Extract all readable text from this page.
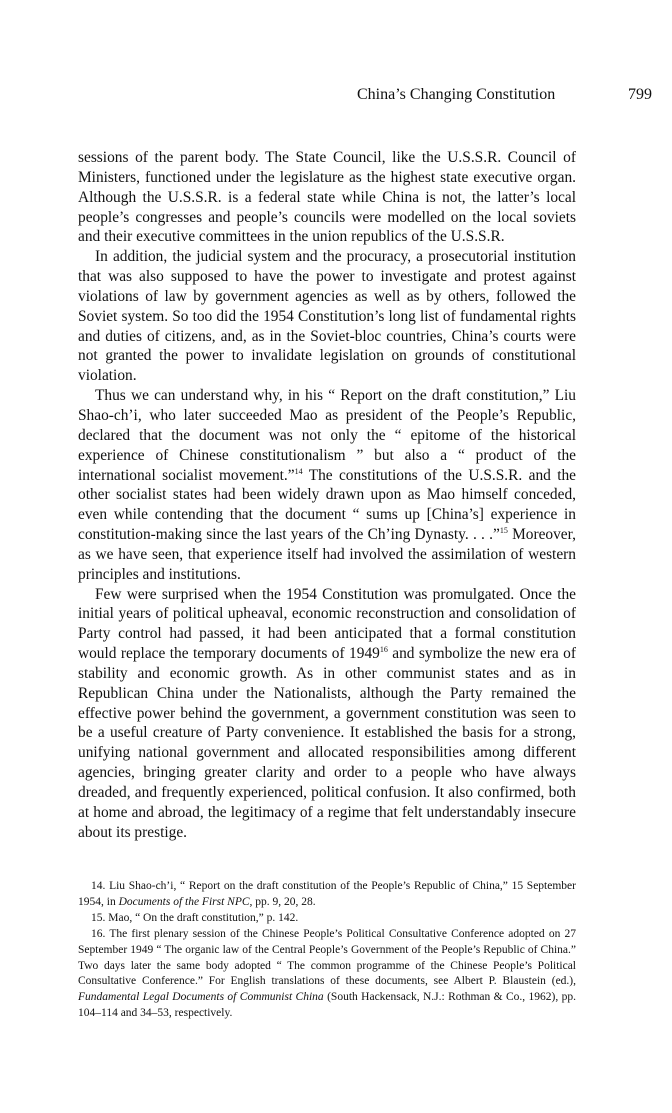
China’s Changing Constitution	799

sessions of the parent body. The State Council, like the U.S.S.R. Council of Ministers, functioned under the legislature as the highest state executive organ. Although the U.S.S.R. is a federal state while China is not, the latter’s local people’s congresses and people’s councils were modelled on the local soviets and their executive committees in the union republics of the U.S.S.R.

In addition, the judicial system and the procuracy, a prosecutorial institution that was also supposed to have the power to investigate and protest against violations of law by government agencies as well as by others, followed the Soviet system. So too did the 1954 Constitution’s long list of fundamental rights and duties of citizens, and, as in the Soviet-bloc countries, China’s courts were not granted the power to invalidate legislation on grounds of constitutional violation.

Thus we can understand why, in his “ Report on the draft constitution,” Liu Shao-ch’i, who later succeeded Mao as president of the People’s Republic, declared that the document was not only the “ epitome of the historical experience of Chinese constitutionalism ” but also a “ product of the international socialist movement.”$^{14}$ The constitutions of the U.S.S.R. and the other socialist states had been widely drawn upon as Mao himself conceded, even while contending that the document “ sums up [China’s] experience in constitution-making since the last years of the Ch’ing Dynasty. . . .”$^{15}$ Moreover, as we have seen, that experience itself had involved the assimilation of western principles and institutions.

Few were surprised when the 1954 Constitution was promulgated. Once the initial years of political upheaval, economic reconstruction and consolidation of Party control had passed, it had been anticipated that a formal constitution would replace the temporary documents of 1949$^{16}$ and symbolize the new era of stability and economic growth. As in other communist states and as in Republican China under the Nationalists, although the Party remained the effective power behind the government, a government constitution was seen to be a useful creature of Party convenience. It established the basis for a strong, unifying national government and allocated responsibilities among different agencies, bringing greater clarity and order to a people who have always dreaded, and frequently experienced, political confusion. It also confirmed, both at home and abroad, the legitimacy of a regime that felt understandably insecure about its prestige.

14. Liu Shao-ch’i, “ Report on the draft constitution of the People’s Republic of China,” 15 September 1954, in Documents of the First NPC, pp. 9, 20, 28.

15. Mao, “ On the draft constitution,” p. 142.

16. The first plenary session of the Chinese People’s Political Consultative Conference adopted on 27 September 1949 “ The organic law of the Central People’s Government of the People’s Republic of China.” Two days later the same body adopted “ The common programme of the Chinese People’s Political Consultative Conference.” For English translations of these documents, see Albert P. Blaustein (ed.), Fundamental Legal Documents of Communist China (South Hackensack, N.J.: Rothman & Co., 1962), pp. 104–114 and 34–53, respectively.
